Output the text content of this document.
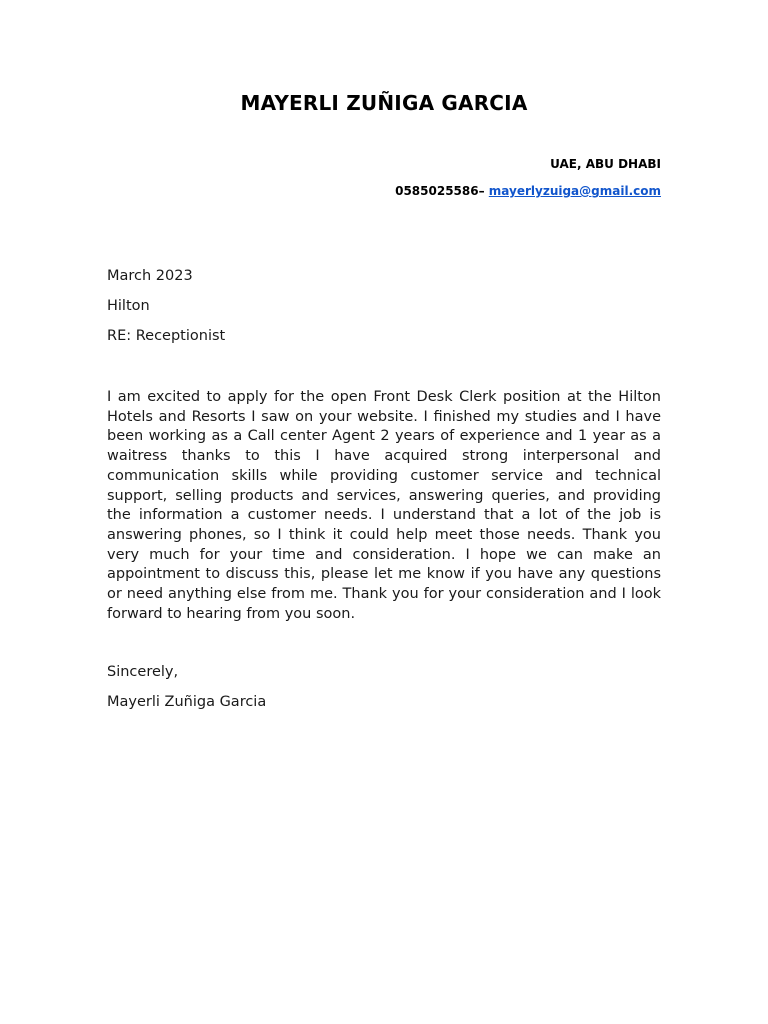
MAYERLI ZUÑIGA GARCIA
UAE, ABU DHABI
0585025586– mayerlyzuiga@gmail.com
March 2023
Hilton
RE: Receptionist
I am excited to apply for the open Front Desk Clerk position at the Hilton Hotels and Resorts I saw on your website. I finished my studies and I have been working as a Call center Agent 2 years of experience and 1 year as a waitress thanks to this I have acquired strong interpersonal and communication skills while providing customer service and technical support, selling products and services, answering queries, and providing the information a customer needs. I understand that a lot of the job is answering phones, so I think it could help meet those needs. Thank you very much for your time and consideration. I hope we can make an appointment to discuss this, please let me know if you have any questions or need anything else from me. Thank you for your consideration and I look forward to hearing from you soon.
Sincerely,
Mayerli Zuñiga Garcia
